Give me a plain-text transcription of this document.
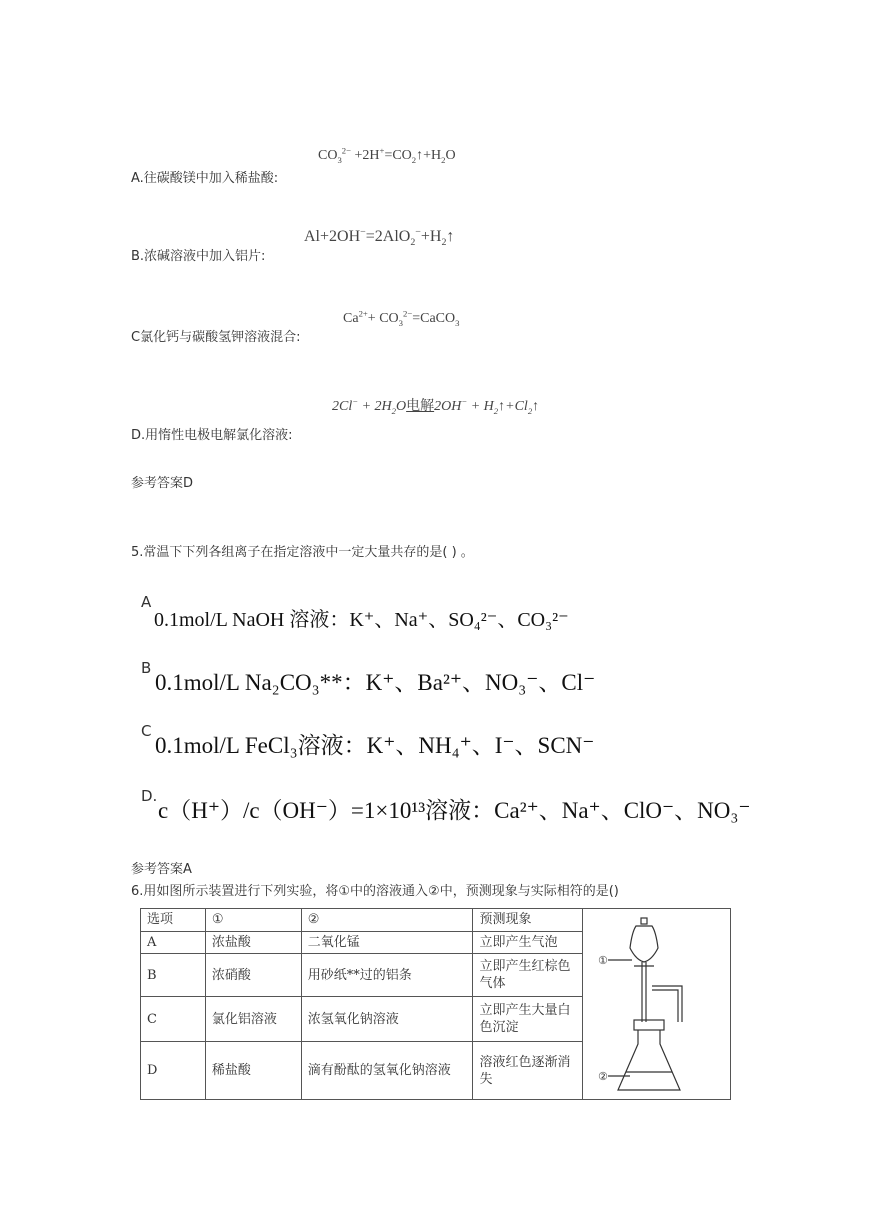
$CO_3^{2-}$ $+2H^+=CO_2↑+H_2O$
A.往碳酸镁中加入稀盐酸:
$Al+2OH^-=2AlO_2^-+H_2↑$
B.浓碱溶液中加入铝片:
$Ca^{2+}+$ $CO_3^{2-}=CaCO_3$
C氯化钙与碳酸氢钾溶液混合:
$2Cl^- + 2H_2O$电解$2OH^- + H_2↑+Cl_2↑$
D.用惰性电极电解氯化溶液:
参考答案D
5.常温下下列各组离子在指定溶液中一定大量共存的是( ) 。
A
0.1mol/L NaOH 溶液：K⁺、Na⁺、SO₄²⁻、CO₃²⁻
B
0.1mol/L Na₂CO₃**：K⁺、Ba²⁺、NO₃⁻、Cl⁻
C
0.1mol/L FeCl₃溶液：K⁺、NH₄⁺、I⁻、SCN⁻
D.
c（H⁺）/c（OH⁻）=1×10¹³溶液：Ca²⁺、Na⁺、ClO⁻、NO₃⁻
参考答案A
6.用如图所示装置进行下列实验，将①中的溶液通入②中，预测现象与实际相符的是()
选项	①	②	预测现象	
A	浓盐酸	二氧化锰	立即产生气泡	
B	浓硝酸	用砂纸**过的铝条	立即产生红棕色气体	
C	氯化铝溶液	浓氢氧化钠溶液	立即产生大量白色沉淀	
D	稀盐酸	滴有酚酞的氢氧化钠溶液	溶液红色逐渐消失	
①
②
